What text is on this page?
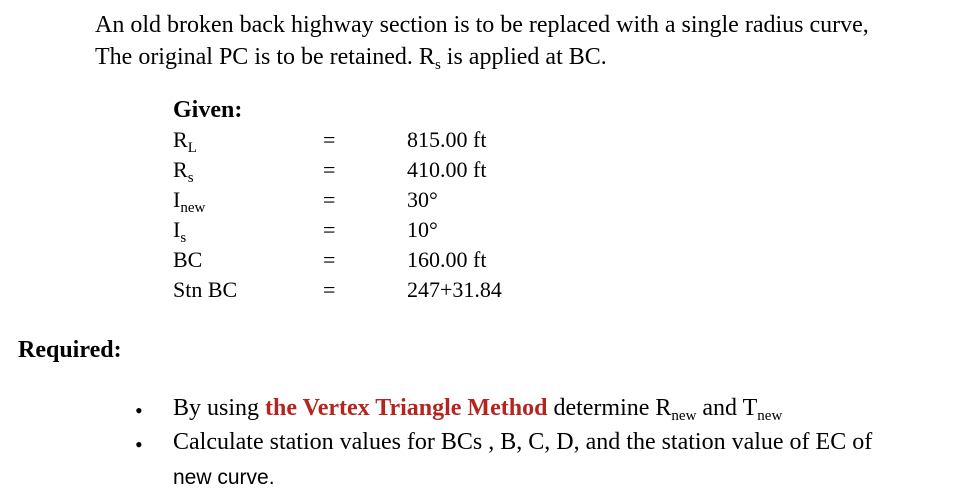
An old broken back highway section is to be replaced with a single radius curve,
The original PC is to be retained. $R_s$ is applied at BC.
Given:
$R_L$	=	815.00 ft
$R_s$	=	410.00 ft
$I_{new}$	=	30°
$I_s$	=	10°
BC	=	160.00 ft
Stn BC	=	247+31.84
Required:
• By using the Vertex Triangle Method determine $R_{new}$ and $T_{new}$
• Calculate station values for BCs , B, C, D, and the station value of EC of
new curve.
